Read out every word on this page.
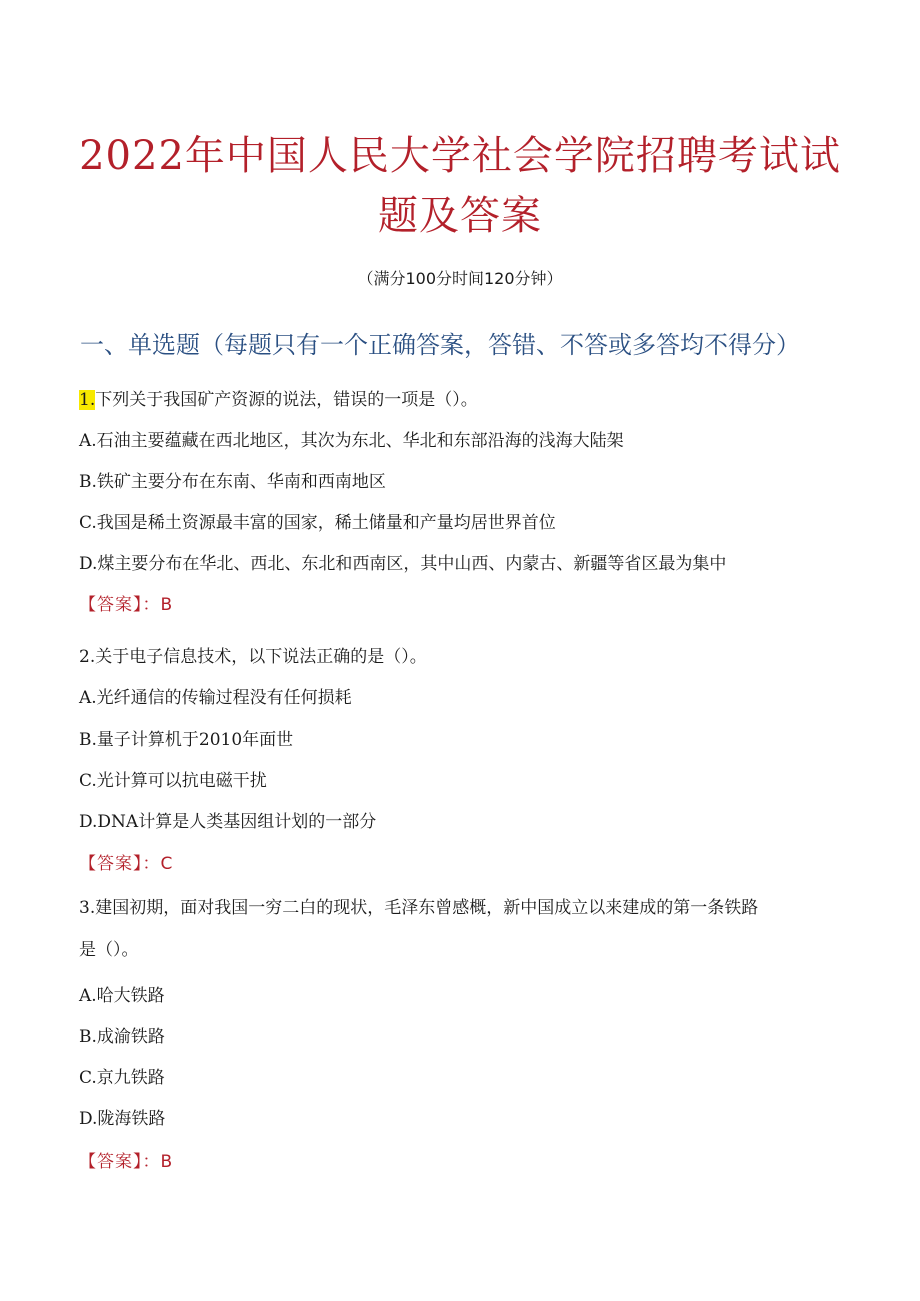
2022年中国人民大学社会学院招聘考试试
题及答案
（满分100分时间120分钟）
一、单选题（每题只有一个正确答案，答错、不答或多答均不得分）
1.下列关于我国矿产资源的说法，错误的一项是（）。
A.石油主要蕴藏在西北地区，其次为东北、华北和东部沿海的浅海大陆架
B.铁矿主要分布在东南、华南和西南地区
C.我国是稀土资源最丰富的国家，稀土储量和产量均居世界首位
D.煤主要分布在华北、西北、东北和西南区，其中山西、内蒙古、新疆等省区最为集中
【答案】：B
2.关于电子信息技术，以下说法正确的是（）。
A.光纤通信的传输过程没有任何损耗
B.量子计算机于2010年面世
C.光计算可以抗电磁干扰
D.DNA计算是人类基因组计划的一部分
【答案】：C
3.建国初期，面对我国一穷二白的现状，毛泽东曾感概，新中国成立以来建成的第一条铁路
是（）。
A.哈大铁路
B.成渝铁路
C.京九铁路
D.陇海铁路
【答案】：B
